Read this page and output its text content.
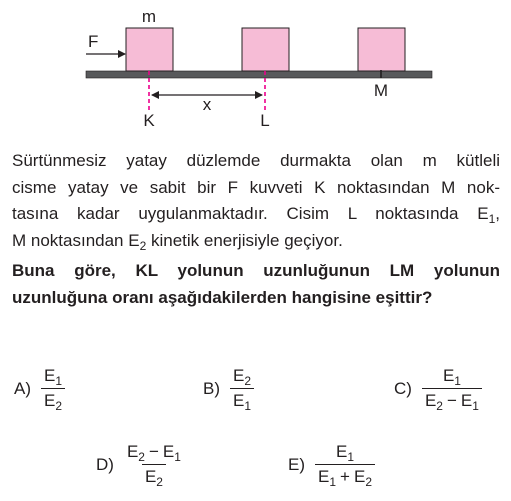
m
F
x
K	L
M
Sürtünmesiz yatay düzlemde durmakta olan m kütleli
cisme yatay ve sabit bir F kuvveti K noktasından M nok-
tasına kadar uygulanmaktadır. Cisim L noktasında $E_1$,
M noktasından $E_2$ kinetik enerjisiyle geçiyor.
Buna göre, KL yolunun uzunluğunun LM yolunun
uzunluğuna oranı aşağıdakilerden hangisine eşittir?
$A) \frac{E_1}{E_2}$	$B) \frac{E_2}{E_1}$	$C) \frac{E_1}{E_2 - E_1}$
$D) \frac{E_2 - E_1}{E_2}$	$E) \frac{E_1}{E_1 + E_2}$
